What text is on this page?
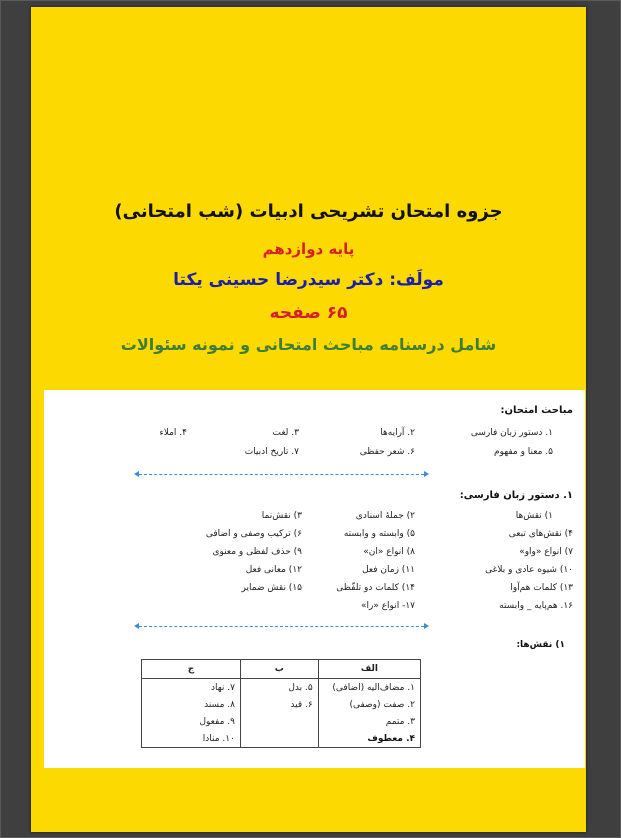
جزوه امتحان تشریحی ادبیات (شب امتحانی)
پایه دوازدهم
مولَف: دکتر سیدرضا حسینی یکتا
۶۵ صفحه
شامل درسنامه مباحث امتحانی و نمونه سئوالات
مباحث امتحان:
۱. دستور زبان فارسی
۲. آرایه‌ها
۳. لغت
۴. املاء
۵. معنا و مفهوم
۶. شعر حفظی
۷. تاریخ ادبیات
۱. دستور زبان فارسی:
۱) نقش‌ها
۲) جملهٔ اسنادی
۳) نقش‌نما
۴) نقش‌های تبعی
۵) وابسته و وابسته
۶) ترکیب وصفی و اضافی
۷) انواع «واو»
۸) انواع «ان»
۹) حذف لفظی و معنوی
۱۰) شیوه عادی و بلاغی
۱۱) زمان فعل
۱۲) معانی فعل
۱۳) کلمات هم‌آوا
۱۴) کلمات دو تلفّظی
۱۵) نقش ضمایر
۱۶. هم‌پایه _ وابسته
۱۷- انواع «را»
۱) نقش‌ها:
الف	ب	ج
۱. مضاف‌الیه (اضافی)	۵. بدل	۷. نهاد
۲. صفت (وصفی)	۶. قید	۸. مسند
۳. متمم		۹. مفعول
۴. معطوف		۱۰. منادا
